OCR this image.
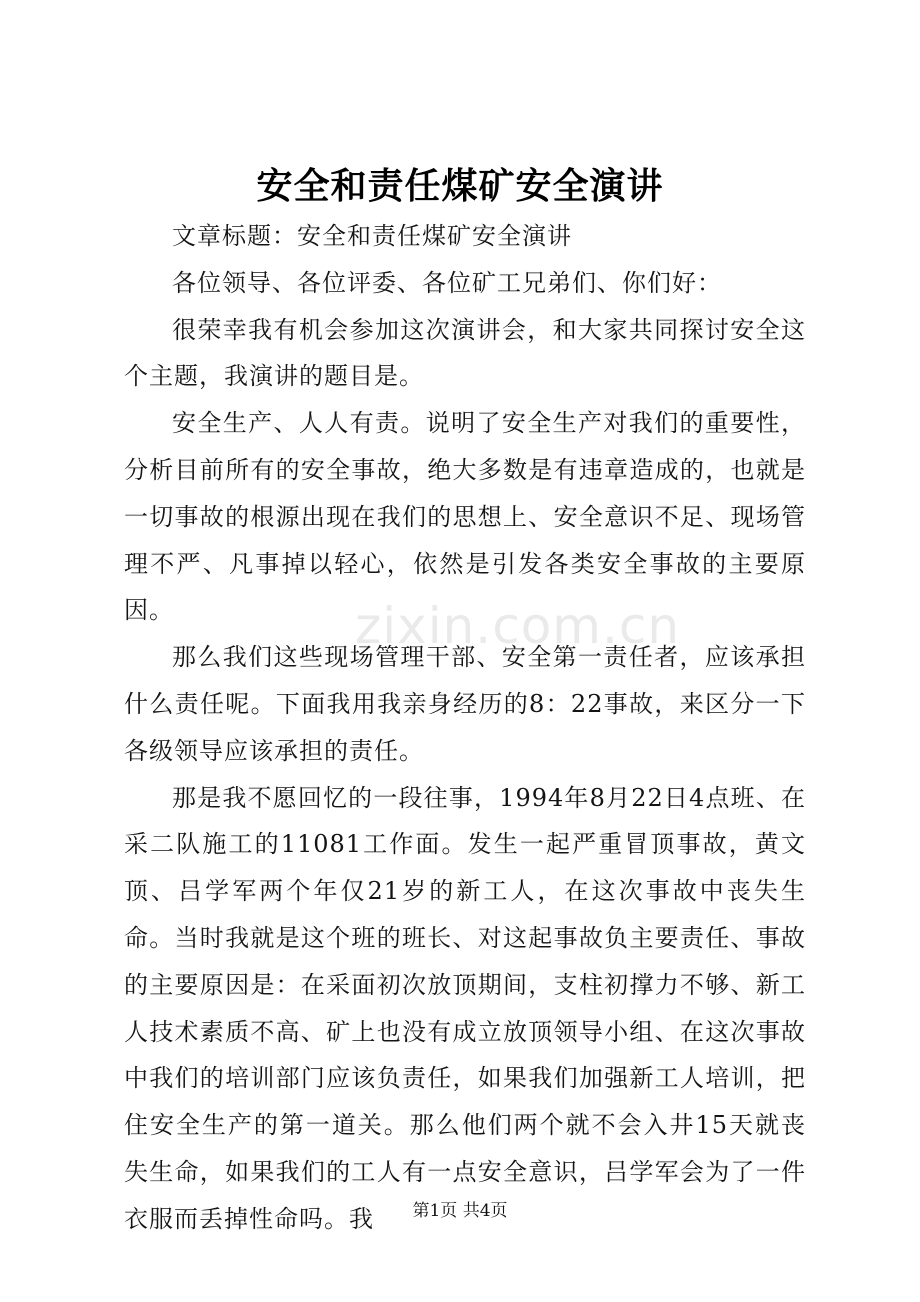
安全和责任煤矿安全演讲

文章标题：安全和责任煤矿安全演讲

各位领导、各位评委、各位矿工兄弟们、你们好：

很荣幸我有机会参加这次演讲会，和大家共同探讨安全这个主题，我演讲的题目是。

安全生产、人人有责。说明了安全生产对我们的重要性，分析目前所有的安全事故，绝大多数是有违章造成的，也就是一切事故的根源出现在我们的思想上、安全意识不足、现场管理不严、凡事掉以轻心，依然是引发各类安全事故的主要原因。

那么我们这些现场管理干部、安全第一责任者，应该承担什么责任呢。下面我用我亲身经历的8：22事故，来区分一下各级领导应该承担的责任。

那是我不愿回忆的一段往事，1994年8月22日4点班、在采二队施工的11081工作面。发生一起严重冒顶事故，黄文顶、吕学军两个年仅21岁的新工人，在这次事故中丧失生命。当时我就是这个班的班长、对这起事故负主要责任、事故的主要原因是：在采面初次放顶期间，支柱初撑力不够、新工人技术素质不高、矿上也没有成立放顶领导小组、在这次事故中我们的培训部门应该负责任，如果我们加强新工人培训，把住安全生产的第一道关。那么他们两个就不会入井15天就丧失生命，如果我们的工人有一点安全意识，吕学军会为了一件衣服而丢掉性命吗。我

zixin.com.cn
第1页 共4页
